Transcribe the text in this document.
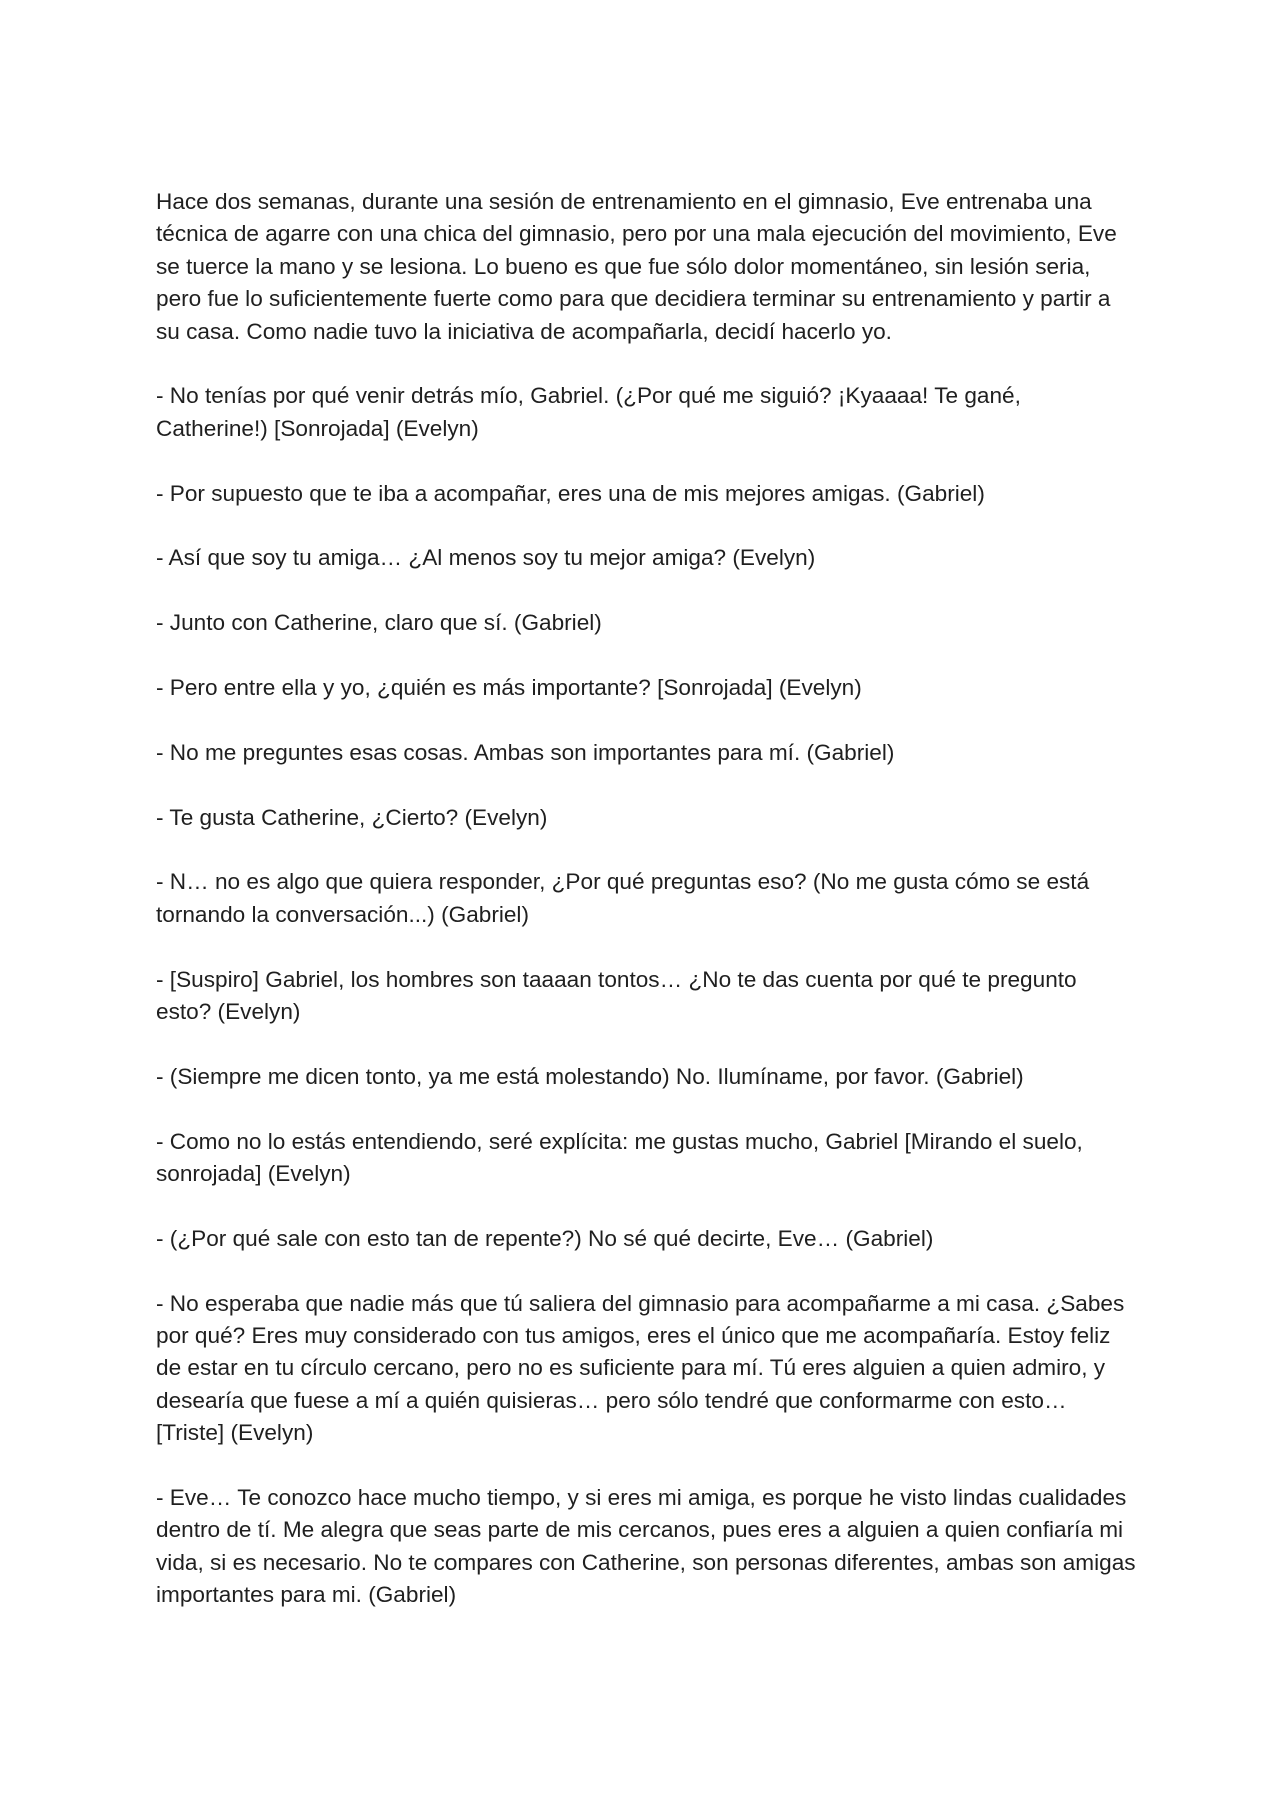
Hace dos semanas, durante una sesión de entrenamiento en el gimnasio, Eve entrenaba una técnica de agarre con una chica del gimnasio, pero por una mala ejecución del movimiento, Eve se tuerce la mano y se lesiona. Lo bueno es que fue sólo dolor momentáneo, sin lesión seria, pero fue lo suficientemente fuerte como para que decidiera terminar su entrenamiento y partir a su casa. Como nadie tuvo la iniciativa de acompañarla, decidí hacerlo yo.

- No tenías por qué venir detrás mío, Gabriel. (¿Por qué me siguió? ¡Kyaaaa! Te gané, Catherine!) [Sonrojada] (Evelyn)

- Por supuesto que te iba a acompañar, eres una de mis mejores amigas. (Gabriel)

- Así que soy tu amiga… ¿Al menos soy tu mejor amiga? (Evelyn)

- Junto con Catherine, claro que sí. (Gabriel)

- Pero entre ella y yo, ¿quién es más importante? [Sonrojada] (Evelyn)

- No me preguntes esas cosas. Ambas son importantes para mí. (Gabriel)

- Te gusta Catherine, ¿Cierto? (Evelyn)

- N… no es algo que quiera responder, ¿Por qué preguntas eso? (No me gusta cómo se está tornando la conversación...) (Gabriel)

- [Suspiro] Gabriel, los hombres son taaaan tontos… ¿No te das cuenta por qué te pregunto esto? (Evelyn)

- (Siempre me dicen tonto, ya me está molestando) No. Ilumíname, por favor. (Gabriel)

- Como no lo estás entendiendo, seré explícita: me gustas mucho, Gabriel [Mirando el suelo, sonrojada] (Evelyn)

- (¿Por qué sale con esto tan de repente?) No sé qué decirte, Eve… (Gabriel)

- No esperaba que nadie más que tú saliera del gimnasio para acompañarme a mi casa. ¿Sabes por qué? Eres muy considerado con tus amigos, eres el único que me acompañaría. Estoy feliz de estar en tu círculo cercano, pero no es suficiente para mí. Tú eres alguien a quien admiro, y desearía que fuese a mí a quién quisieras… pero sólo tendré que conformarme con esto… [Triste] (Evelyn)

- Eve… Te conozco hace mucho tiempo, y si eres mi amiga, es porque he visto lindas cualidades dentro de tí. Me alegra que seas parte de mis cercanos, pues eres a alguien a quien confiaría mi vida, si es necesario. No te compares con Catherine, son personas diferentes, ambas son amigas importantes para mi. (Gabriel)
